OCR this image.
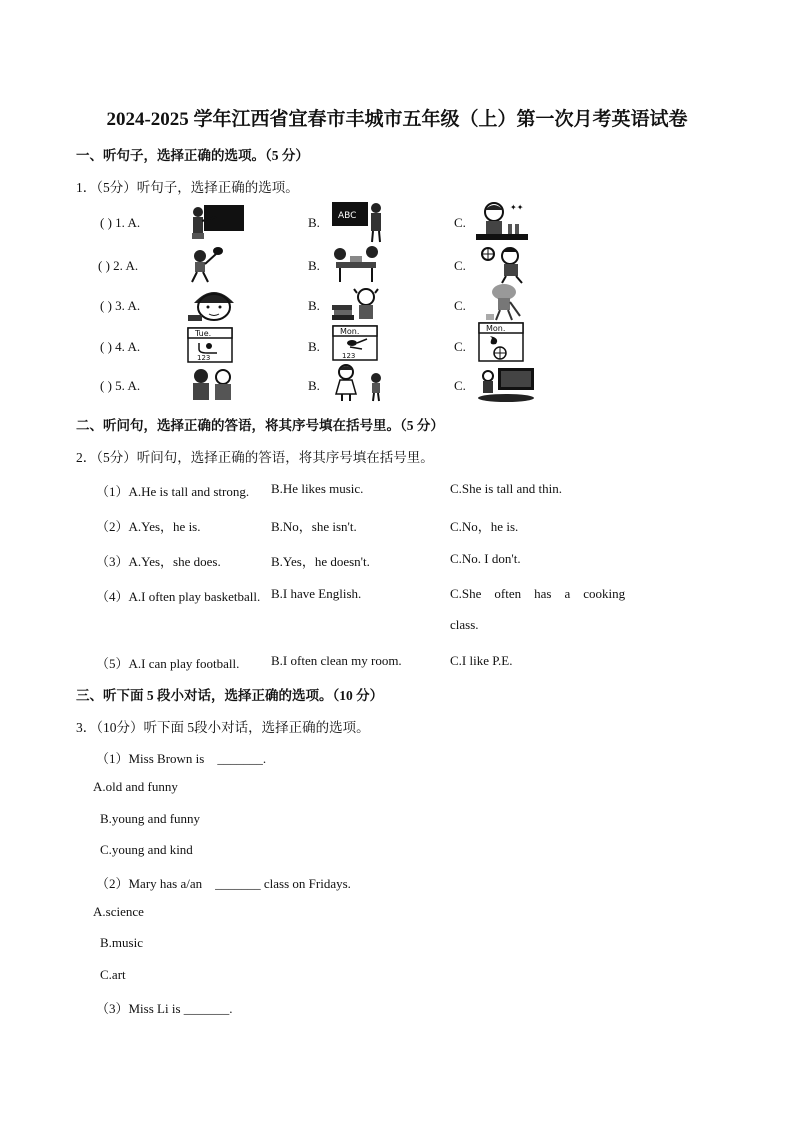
2024-2025 学年江西省宜春市丰城市五年级（上）第一次月考英语试卷
一、听句子，选择正确的选项。（5 分）
1．（5分）听句子，选择正确的选项。
( ) 1. A.	B.	C.
( ) 2. A.	B.	C.
( ) 3. A.	B.	C.
( ) 4. A.	B.	C.
( ) 5. A.	B.	C.
ABC
✦✦
Tue.
123
Mon.
123
Mon.
二、听问句，选择正确的答语，将其序号填在括号里。（5 分）
2．（5分）听问句，选择正确的答语，将其序号填在括号里。
（1）A.He is tall and strong. B.He likes music.	C.She is tall and thin.
（2）A.Yes，he is.	B.No，she isn't.	C.No，he is.
（3）A.Yes，she does.	B.Yes，he doesn't.	C.No. I don't.
（4）A.I often play basketball. B.I have English.	C.She    often    has    a    cooking
class.
（5）A.I can play football. B.I often clean my room.	C.I like P.E.
三、听下面 5 段小对话，选择正确的选项。（10 分）
3．（10分）听下面 5段小对话，选择正确的选项。
（1）Miss Brown is    _______.
A.old and funny
B.young and funny
C.young and kind
（2）Mary has a/an    _______ class on Fridays.
A.science
B.music
C.art
（3）Miss Li is _______.
